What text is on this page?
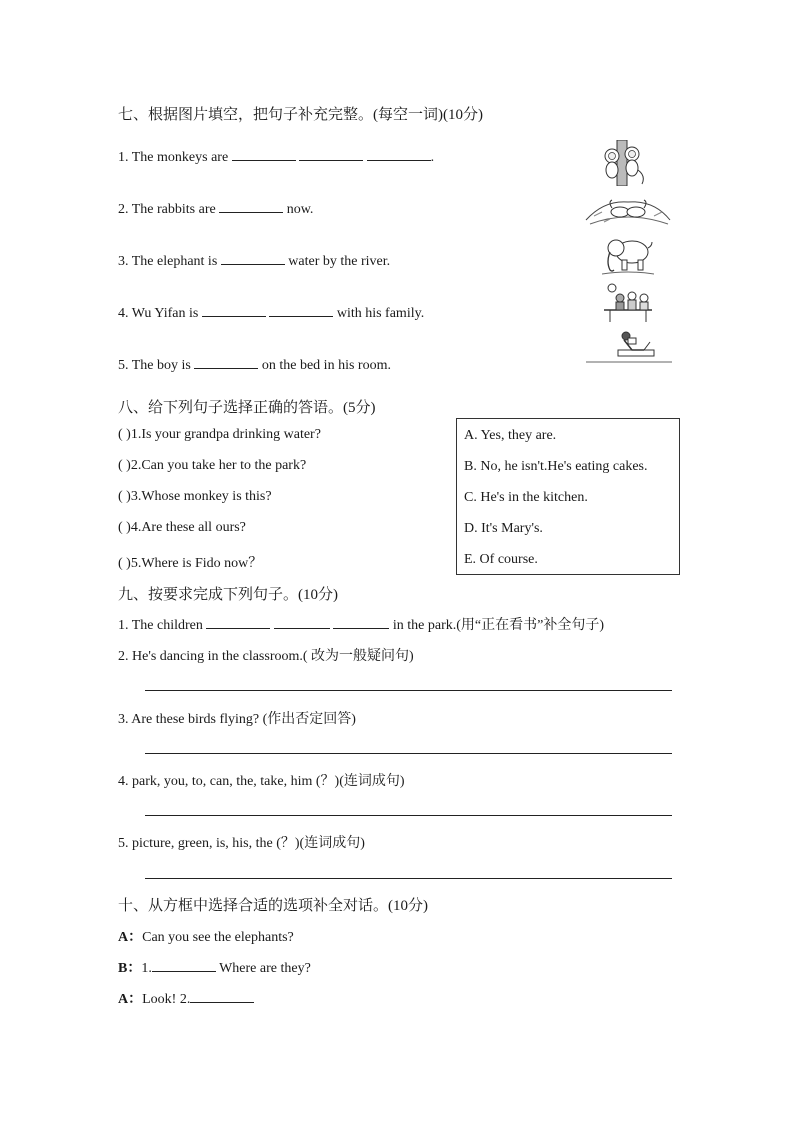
七、根据图片填空，把句子补充完整。(每空一词)(10分)
1. The monkeys are	.
2. The rabbits are	now.
3. The elephant is	water by the river.
4. Wu Yifan is	with his family.
5. The boy is	on the bed in his room.
八、给下列句子选择正确的答语。(5分)
( )1.Is your grandpa drinking water?
( )2.Can you take her to the park?
( )3.Whose monkey is this?
( )4.Are these all ours?
( )5.Where is Fido now？
A. Yes, they are.
B. No, he isn't.He's eating cakes.
C. He's in the kitchen.
D. It's Mary's.
E. Of course.
九、按要求完成下列句子。(10分)
1. The children	in the park.(用“正在看书”补全句子)
2. He's dancing in the classroom.( 改为一般疑问句)
3. Are these birds flying? (作出否定回答)
4. park, you, to, can, the, take, him (？)(连词成句)
5. picture, green, is, his, the (？)(连词成句)
十、从方框中选择合适的选项补全对话。(10分)
A：Can you see the elephants?
B：1.	Where are they?
A：Look! 2.
